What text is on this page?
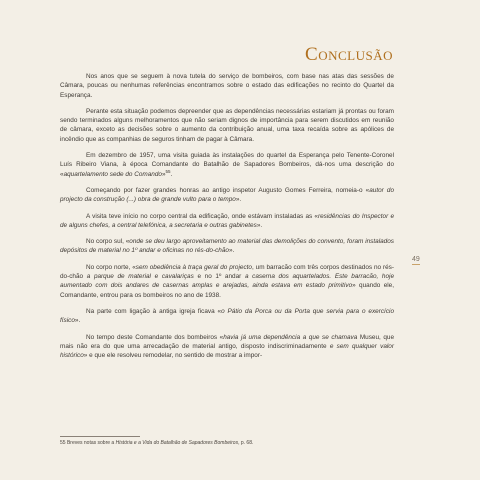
Conclusão

Nos anos que se seguem à nova tutela do serviço de bombeiros, com base nas atas das sessões de Câmara, poucas ou nenhumas referências encontramos sobre o estado das edificações no recinto do Quartel da Esperança.

Perante esta situação podemos depreender que as dependências necessárias estariam já prontas ou foram sendo terminados alguns melhoramentos que não seriam dignos de importância para serem discutidos em reunião de câmara, exceto as decisões sobre o aumento da contribuição anual, uma taxa recaída sobre as apólices de incêndio que as companhias de seguros tinham de pagar à Câmara.

Em dezembro de 1957, uma visita guiada às instalações do quartel da Esperança pelo Tenente-Coronel Luís Ribeiro Viana, à época Comandante do Batalhão de Sapadores Bombeiros, dá-nos uma descrição do «aquartelamento sede do Comando»$^{55}$.

Começando por fazer grandes honras ao antigo inspetor Augusto Gomes Ferreira, nomeia-o «autor do projecto da construção (...) obra de grande vulto para o tempo».

A visita teve início no corpo central da edificação, onde estávam instaladas as «residências do Inspector e de alguns chefes, a central telefónica, a secretaria e outras gabinetes».

No corpo sul, «onde se deu largo aproveitamento ao material das demolições do convento, foram instalados depósitos de material no 1º andar e oficinas no rés-do-chão».

No corpo norte, «sem obediência à traça geral do projecto, um barracão com três corpos destinados no rés-do-chão a parque de material e cavalariças e no 1º andar a caserna dos aquartelados. Este barracão, hoje aumentado com dois andares de casernas amplas e arejadas, ainda estava em estado primitivo» quando ele, Comandante, entrou para os bombeiros no ano de 1938.

Na parte com ligação à antiga igreja ficava «o Pátio da Porca ou da Porta que servia para o exercício físico».

No tempo deste Comandante dos bombeiros «havia já uma dependência a que se chamava Museu, que mais não era do que uma arrecadação de material antigo, disposto indiscriminadamente e sem qualquer valor histórico» e que ele resolveu remodelar, no sentido de mostrar a impor-

49
55 Breves notas sobre a História e a Vida do Batalhão de Sapadores Bombeiros, p. 68.
